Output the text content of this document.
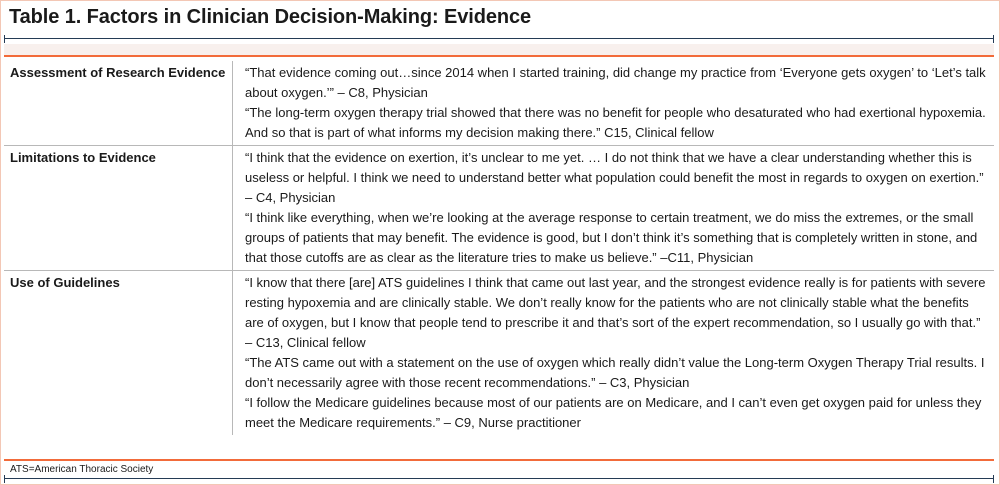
Table 1. Factors in Clinician Decision-Making: Evidence
Assessment of Research Evidence	“That evidence coming out…since 2014 when I started training, did change my practice from ‘Everyone gets oxygen’ to ‘Let’s talk about oxygen.’” – C8, Physician
“The long-term oxygen therapy trial showed that there was no benefit for people who desaturated who had exertional hypoxemia. And so that is part of what informs my decision making there.” C15, Clinical fellow

Limitations to Evidence	“I think that the evidence on exertion, it’s unclear to me yet. … I do not think that we have a clear understanding whether this is useless or helpful. I think we need to understand better what population could benefit the most in regards to oxygen on exertion.” – C4, Physician
“I think like everything, when we’re looking at the average response to certain treatment, we do miss the extremes, or the small groups of patients that may benefit. The evidence is good, but I don’t think it’s something that is completely written in stone, and that those cutoffs are as clear as the literature tries to make us believe.” –C11, Physician

Use of Guidelines	“I know that there [are] ATS guidelines I think that came out last year, and the strongest evidence really is for patients with severe resting hypoxemia and are clinically stable. We don’t really know for the patients who are not clinically stable what the benefits are of oxygen, but I know that people tend to prescribe it and that’s sort of the expert recommendation, so I usually go with that.” – C13, Clinical fellow
“The ATS came out with a statement on the use of oxygen which really didn’t value the Long-term Oxygen Therapy Trial results. I don’t necessarily agree with those recent recommendations.” – C3, Physician
“I follow the Medicare guidelines because most of our patients are on Medicare, and I can’t even get oxygen paid for unless they meet the Medicare requirements.” – C9, Nurse practitioner
ATS=American Thoracic Society
